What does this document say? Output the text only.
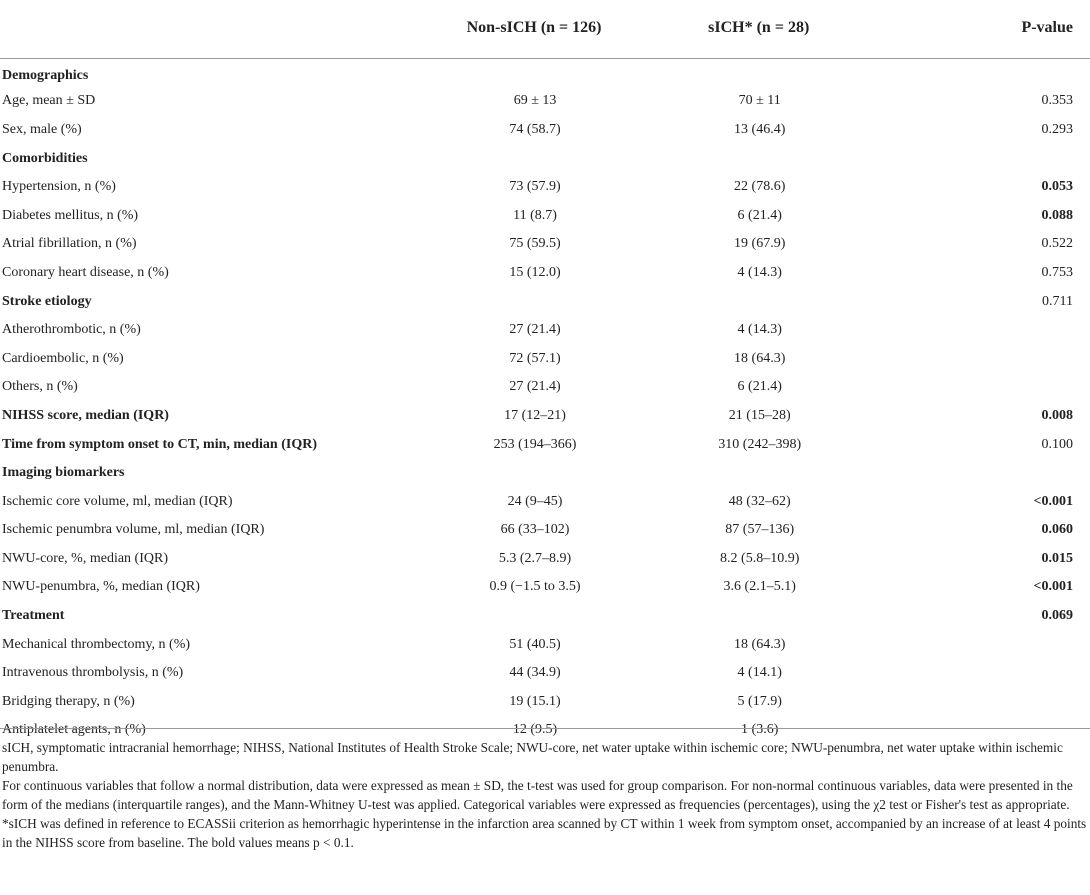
	Non-sICH (n = 126)	sICH* (n = 28)	P-value
Demographics			
Age, mean ± SD	69 ± 13	70 ± 11	0.353
Sex, male (%)	74 (58.7)	13 (46.4)	0.293
Comorbidities			
Hypertension, n (%)	73 (57.9)	22 (78.6)	0.053
Diabetes mellitus, n (%)	11 (8.7)	6 (21.4)	0.088
Atrial fibrillation, n (%)	75 (59.5)	19 (67.9)	0.522
Coronary heart disease, n (%)	15 (12.0)	4 (14.3)	0.753
Stroke etiology			0.711
Atherothrombotic, n (%)	27 (21.4)	4 (14.3)	
Cardioembolic, n (%)	72 (57.1)	18 (64.3)	
Others, n (%)	27 (21.4)	6 (21.4)	
NIHSS score, median (IQR)	17 (12–21)	21 (15–28)	0.008
Time from symptom onset to CT, min, median (IQR)	253 (194–366)	310 (242–398)	0.100
Imaging biomarkers			
Ischemic core volume, ml, median (IQR)	24 (9–45)	48 (32–62)	<0.001
Ischemic penumbra volume, ml, median (IQR)	66 (33–102)	87 (57–136)	0.060
NWU-core, %, median (IQR)	5.3 (2.7–8.9)	8.2 (5.8–10.9)	0.015
NWU-penumbra, %, median (IQR)	0.9 (−1.5 to 3.5)	3.6 (2.1–5.1)	<0.001
Treatment			0.069
Mechanical thrombectomy, n (%)	51 (40.5)	18 (64.3)	
Intravenous thrombolysis, n (%)	44 (34.9)	4 (14.1)	
Bridging therapy, n (%)	19 (15.1)	5 (17.9)	
Antiplatelet agents, n (%)	12 (9.5)	1 (3.6)	

sICH, symptomatic intracranial hemorrhage; NIHSS, National Institutes of Health Stroke Scale; NWU-core, net water uptake within ischemic core; NWU-penumbra, net water uptake within ischemic penumbra.

For continuous variables that follow a normal distribution, data were expressed as mean ± SD, the t-test was used for group comparison. For non-normal continuous variables, data were presented in the form of the medians (interquartile ranges), and the Mann-Whitney U-test was applied. Categorical variables were expressed as frequencies (percentages), using the χ2 test or Fisher's test as appropriate.

*sICH was defined in reference to ECASSii criterion as hemorrhagic hyperintense in the infarction area scanned by CT within 1 week from symptom onset, accompanied by an increase of at least 4 points in the NIHSS score from baseline. The bold values means p < 0.1.
